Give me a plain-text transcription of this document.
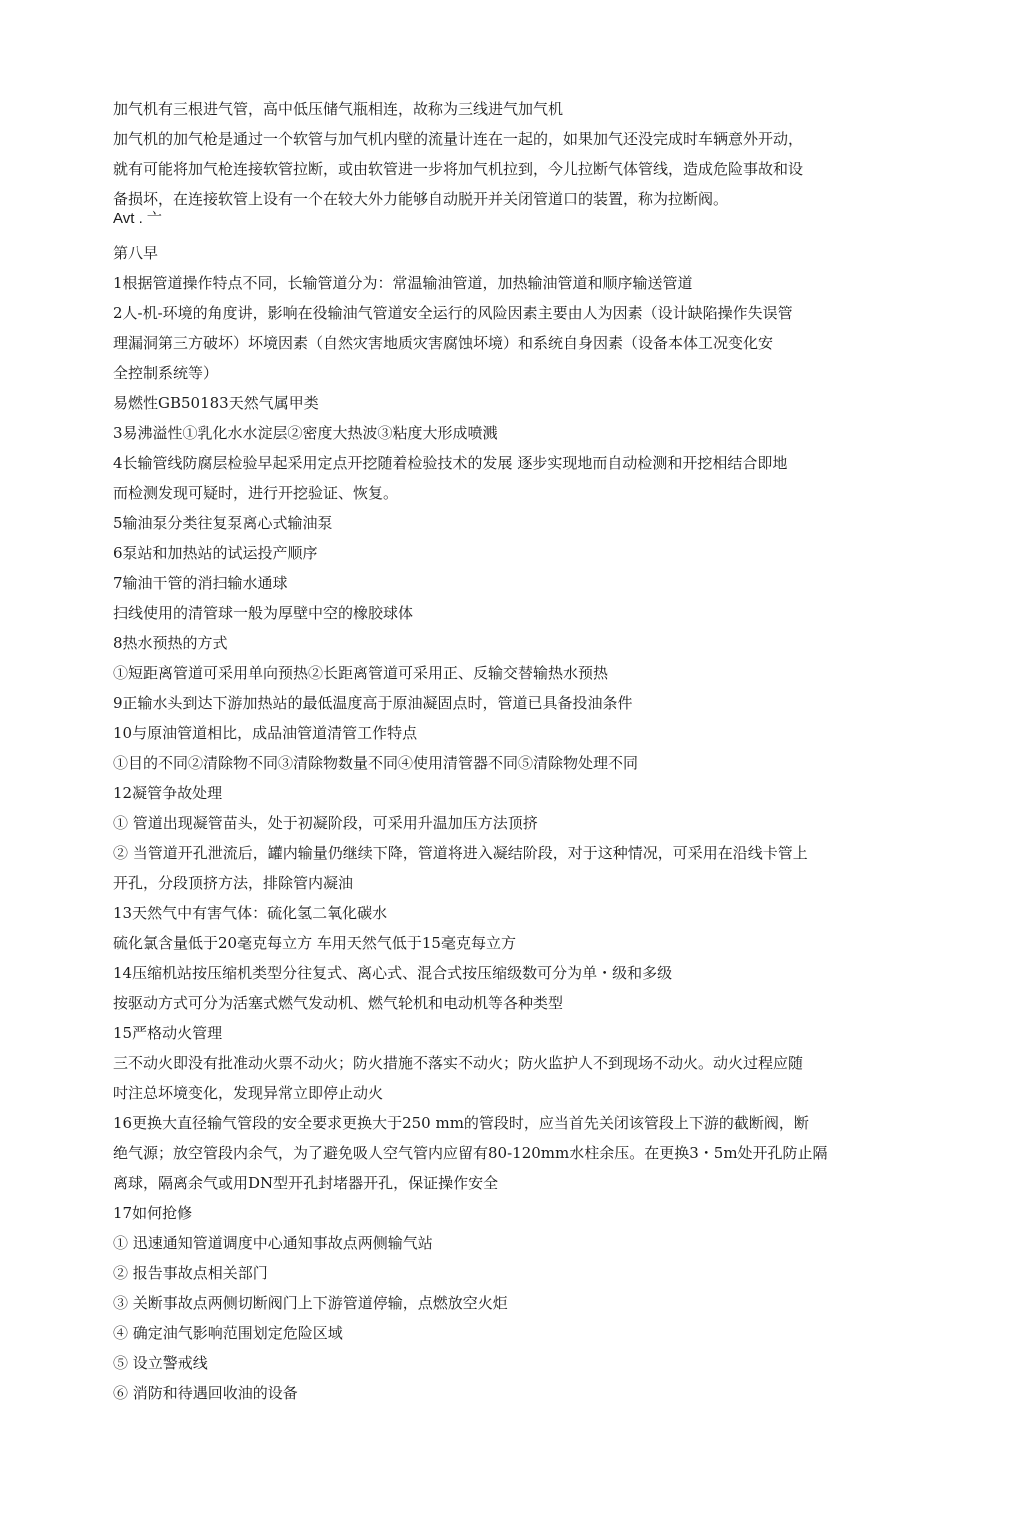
加气机有三根进气管，高中低压储气瓶相连，故称为三线进气加气机
加气机的加气枪是通过一个软管与加气机内壁的流量计连在一起的，如果加气还没完成时车辆意外开动，
就有可能将加气枪连接软管拉断，或由软管进一步将加气机拉到，今儿拉断气体管线，造成危险事故和设
备损坏，在连接软管上设有一个在较大外力能够自动脱开并关闭管道口的装置，称为拉断阀。
Avt . 亠
第八早
1根据管道操作特点不同，长输管道分为：常温输油管道，加热输油管道和顺序输送管道
2人-机-环境的角度讲，影响在役输油气管道安全运行的风险因素主要由人为因素（设计缺陷操作失误管
理漏洞第三方破坏）坏境因素（自然灾害地质灾害腐蚀坏境）和系统自身因素（设备本体工况变化安
全控制系统等）
易燃性GB50183天然气属甲类
3易沸溢性①乳化水水淀层②密度大热波③粘度大形成喷溅
4长输管线防腐层检验早起采用定点开挖随着检验技术的发展 逐步实现地而自动检测和开挖相结合即地
而检测发现可疑时，进行开挖验证、恢复。
5输油泵分类往复泵离心式输油泵
6泵站和加热站的试运投产顺序
7输油干管的消扫输水通球
扫线使用的清管球一般为厚壁中空的橡胶球体
8热水预热的方式
①短距离管道可采用单向预热②长距离管道可采用正、反输交替输热水预热
9正输水头到达下游加热站的最低温度高于原油凝固点时，管道已具备投油条件
10与原油管道相比，成品油管道清管工作特点
①目的不同②清除物不同③清除物数量不同④使用清管器不同⑤清除物处理不同
12凝管争故处理
① 管道出现凝管苗头，处于初凝阶段，可采用升温加压方法顶挤
② 当管道开孔泄流后，罐内输量仍继续下降，管道将进入凝结阶段，对于这种情况，可采用在沿线卡管上
开孔，分段顶挤方法，排除管内凝油
13天然气中有害气体：硫化氢二氧化碳水
硫化氯含量低于20毫克每立方 车用天然气低于15毫克每立方
14压缩机站按压缩机类型分往复式、离心式、混合式按压缩级数可分为单・级和多级
按驱动方式可分为活塞式燃气发动机、燃气轮机和电动机等各种类型
15严格动火管理
三不动火即没有批准动火票不动火；防火措施不落实不动火；防火监护人不到现场不动火。动火过程应随
吋注总坏境变化，发现异常立即停止动火
16更换大直径输气管段的安全要求更换大于250 mm的管段时，应当首先关闭该管段上下游的截断阀，断
绝气源；放空管段内余气，为了避免吸人空气管内应留有80-120mm水柱余压。在更换3・5m处开孔防止隔
离球，隔离余气或用DN型开孔封堵器开孔，保证操作安全
17如何抢修
① 迅速通知管道调度中心通知事故点两侧输气站
② 报告事故点相关部门
③ 关断事故点两侧切断阀门上下游管道停输，点燃放空火炬
④ 确定油气影响范围划定危险区域
⑤ 设立警戒线
⑥ 消防和待遇回收油的设备
